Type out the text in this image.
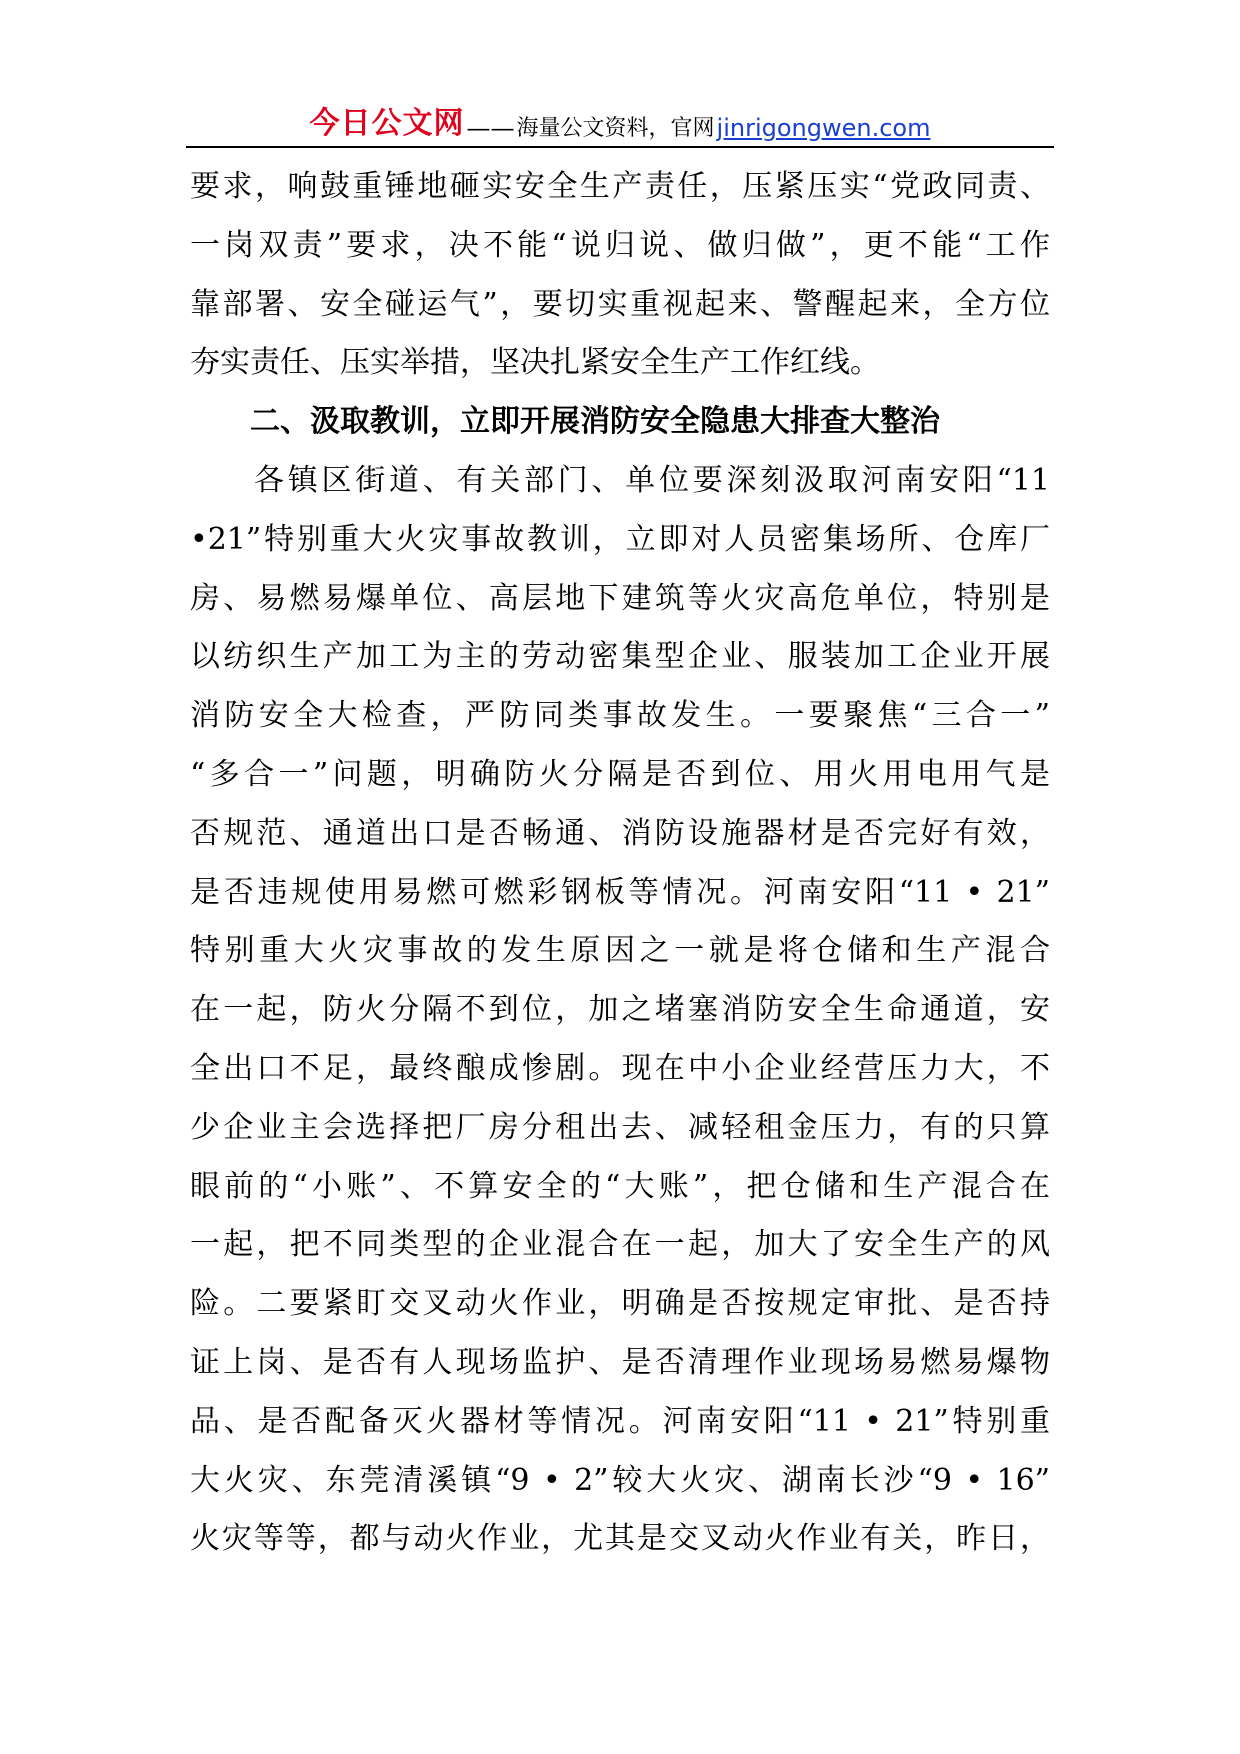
今日公文网 —— 海量公文资料，官网 jinrigongwen.com
要求，响鼓重锤地砸实安全生产责任，压紧压实“党政同责、
一岗双责”要求，决不能“说归说、做归做”，更不能“工作
靠部署、安全碰运气”，要切实重视起来、警醒起来，全方位
夯实责任、压实举措，坚决扎紧安全生产工作红线。
二、汲取教训，立即开展消防安全隐患大排查大整治
各镇区街道、有关部门、单位要深刻汲取河南安阳“11
•21”特别重大火灾事故教训，立即对人员密集场所、仓库厂
房、易燃易爆单位、高层地下建筑等火灾高危单位，特别是
以纺织生产加工为主的劳动密集型企业、服装加工企业开展
消防安全大检查，严防同类事故发生。一要聚焦“三合一”
“多合一”问题，明确防火分隔是否到位、用火用电用气是
否规范、通道出口是否畅通、消防设施器材是否完好有效，
是否违规使用易燃可燃彩钢板等情况。河南安阳“11 • 21”
特别重大火灾事故的发生原因之一就是将仓储和生产混合
在一起，防火分隔不到位，加之堵塞消防安全生命通道，安
全出口不足，最终酿成惨剧。现在中小企业经营压力大，不
少企业主会选择把厂房分租出去、减轻租金压力，有的只算
眼前的“小账”、不算安全的“大账”，把仓储和生产混合在
一起，把不同类型的企业混合在一起，加大了安全生产的风
险。二要紧盯交叉动火作业，明确是否按规定审批、是否持
证上岗、是否有人现场监护、是否清理作业现场易燃易爆物
品、是否配备灭火器材等情况。河南安阳“11 • 21”特别重
大火灾、东莞清溪镇“9 • 2”较大火灾、湖南长沙“9 • 16”
火灾等等，都与动火作业，尤其是交叉动火作业有关，昨日，
